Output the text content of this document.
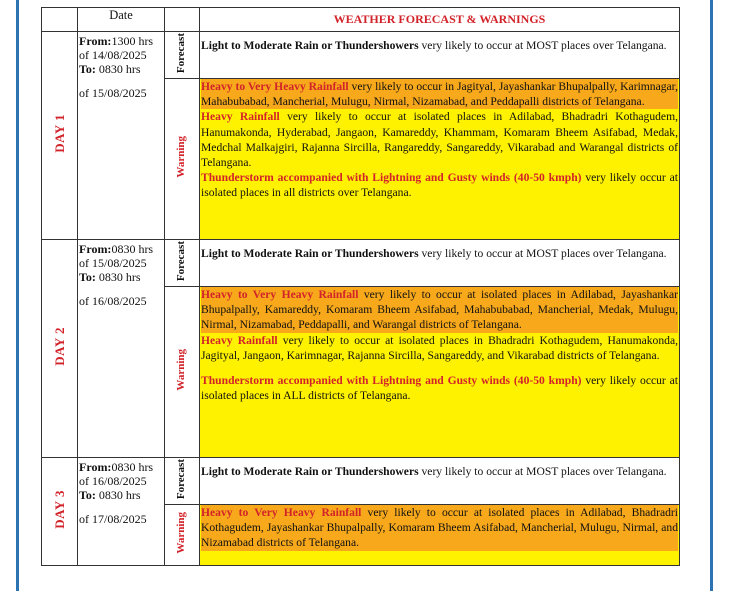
	Date		WEATHER FORECAST & WARNINGS
DAY 1	From:1300 hrs of 14/08/2025
To: 0830 hrs
of 15/08/2025	Forecast	Light to Moderate Rain or Thundershowers very likely to occur at MOST places over Telangana.
		Warning	Heavy to Very Heavy Rainfall very likely to occur in Jagityal, Jayashankar Bhupalpally, Karimnagar, Mahabubabad, Mancherial, Mulugu, Nirmal, Nizamabad, and Peddapalli districts of Telangana.
Heavy Rainfall very likely to occur at isolated places in Adilabad, Bhadradri Kothagudem, Hanumakonda, Hyderabad, Jangaon, Kamareddy, Khammam, Komaram Bheem Asifabad, Medak, Medchal Malkajgiri, Rajanna Sircilla, Rangareddy, Sangareddy, Vikarabad and Warangal districts of Telangana.
Thunderstorm accompanied with Lightning and Gusty winds (40-50 kmph) very likely occur at isolated places in all districts over Telangana.

DAY 2	From:0830 hrs of 15/08/2025
To: 0830 hrs
of 16/08/2025	Forecast	Light to Moderate Rain or Thundershowers very likely to occur at MOST places over Telangana.
		Warning	Heavy to Very Heavy Rainfall very likely to occur at isolated places in Adilabad, Jayashankar Bhupalpally, Kamareddy, Komaram Bheem Asifabad, Mahabubabad, Mancherial, Medak, Mulugu, Nirmal, Nizamabad, Peddapalli, and Warangal districts of Telangana.
Heavy Rainfall very likely to occur at isolated places in Bhadradri Kothagudem, Hanumakonda, Jagityal, Jangaon, Karimnagar, Rajanna Sircilla, Sangareddy, and Vikarabad districts of Telangana.
Thunderstorm accompanied with Lightning and Gusty winds (40-50 kmph) very likely occur at isolated places in ALL districts of Telangana.

DAY 3	From:0830 hrs of 16/08/2025
To: 0830 hrs
of 17/08/2025	Forecast	Light to Moderate Rain or Thundershowers very likely to occur at MOST places over Telangana.
		Warning	Heavy to Very Heavy Rainfall very likely to occur at isolated places in Adilabad, Bhadradri Kothagudem, Jayashankar Bhupalpally, Komaram Bheem Asifabad, Mancherial, Mulugu, Nirmal, and Nizamabad districts of Telangana.
